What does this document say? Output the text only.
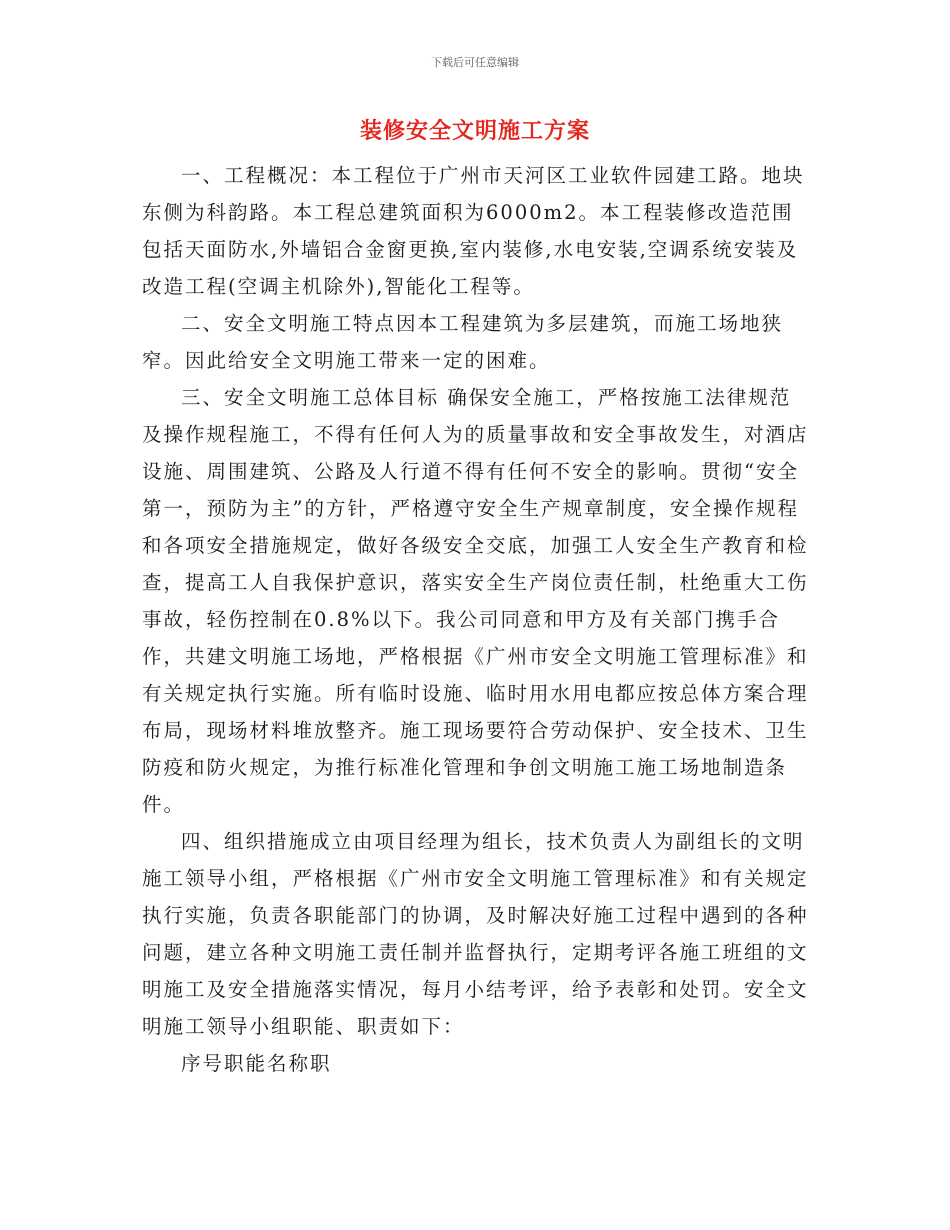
下载后可任意编辑
装修安全文明施工方案

一、工程概况：本工程位于广州市天河区工业软件园建工路。地块东侧为科韵路。本工程总建筑面积为6000m2。本工程装修改造范围包括天面防水,外墙铝合金窗更换,室内装修,水电安装,空调系统安装及改造工程(空调主机除外),智能化工程等。

二、安全文明施工特点因本工程建筑为多层建筑，而施工场地狭窄。因此给安全文明施工带来一定的困难。

三、安全文明施工总体目标 确保安全施工，严格按施工法律规范及操作规程施工，不得有任何人为的质量事故和安全事故发生，对酒店设施、周围建筑、公路及人行道不得有任何不安全的影响。贯彻“安全第一，预防为主”的方针，严格遵守安全生产规章制度，安全操作规程和各项安全措施规定，做好各级安全交底，加强工人安全生产教育和检查，提高工人自我保护意识，落实安全生产岗位责任制，杜绝重大工伤事故，轻伤控制在0.8%以下。我公司同意和甲方及有关部门携手合作，共建文明施工场地，严格根据《广州市安全文明施工管理标准》和有关规定执行实施。所有临时设施、临时用水用电都应按总体方案合理布局，现场材料堆放整齐。施工现场要符合劳动保护、安全技术、卫生防疫和防火规定，为推行标准化管理和争创文明施工施工场地制造条件。

四、组织措施成立由项目经理为组长，技术负责人为副组长的文明施工领导小组，严格根据《广州市安全文明施工管理标准》和有关规定执行实施，负责各职能部门的协调，及时解决好施工过程中遇到的各种问题，建立各种文明施工责任制并监督执行，定期考评各施工班组的文明施工及安全措施落实情况，每月小结考评，给予表彰和处罚。安全文明施工领导小组职能、职责如下：

序号职能名称职
